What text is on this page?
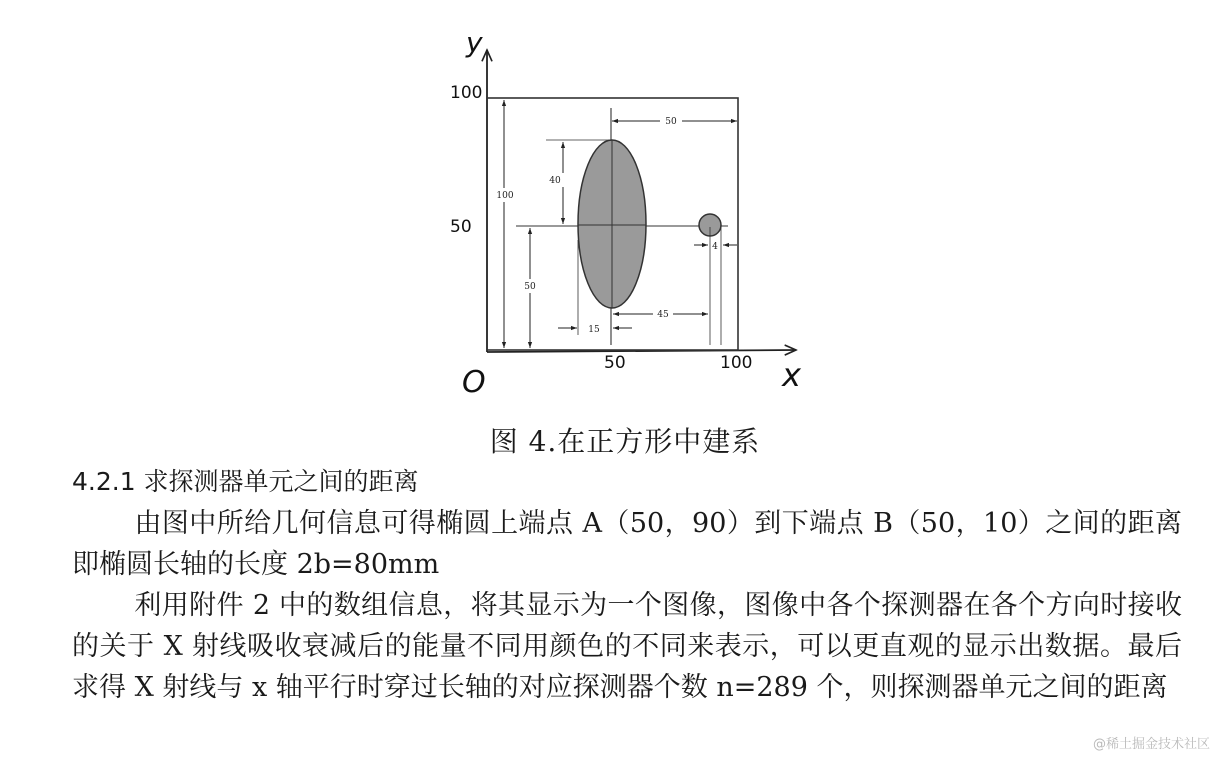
50
100
40
50
15
45
4
y
x
O
100
50
50	100
图 4.在正方形中建系
4.2.1 求探测器单元之间的距离

由图中所给几何信息可得椭圆上端点 A（50，90）到下端点 B（50，10）之间的距离即椭圆长轴的长度 2b=80mm

利用附件 2 中的数组信息，将其显示为一个图像，图像中各个探测器在各个方向时接收的关于 X 射线吸收衰减后的能量不同用颜色的不同来表示，可以更直观的显示出数据。最后求得 X 射线与 x 轴平行时穿过长轴的对应探测器个数 n=289 个，则探测器单元之间的距离

@稀土掘金技术社区
